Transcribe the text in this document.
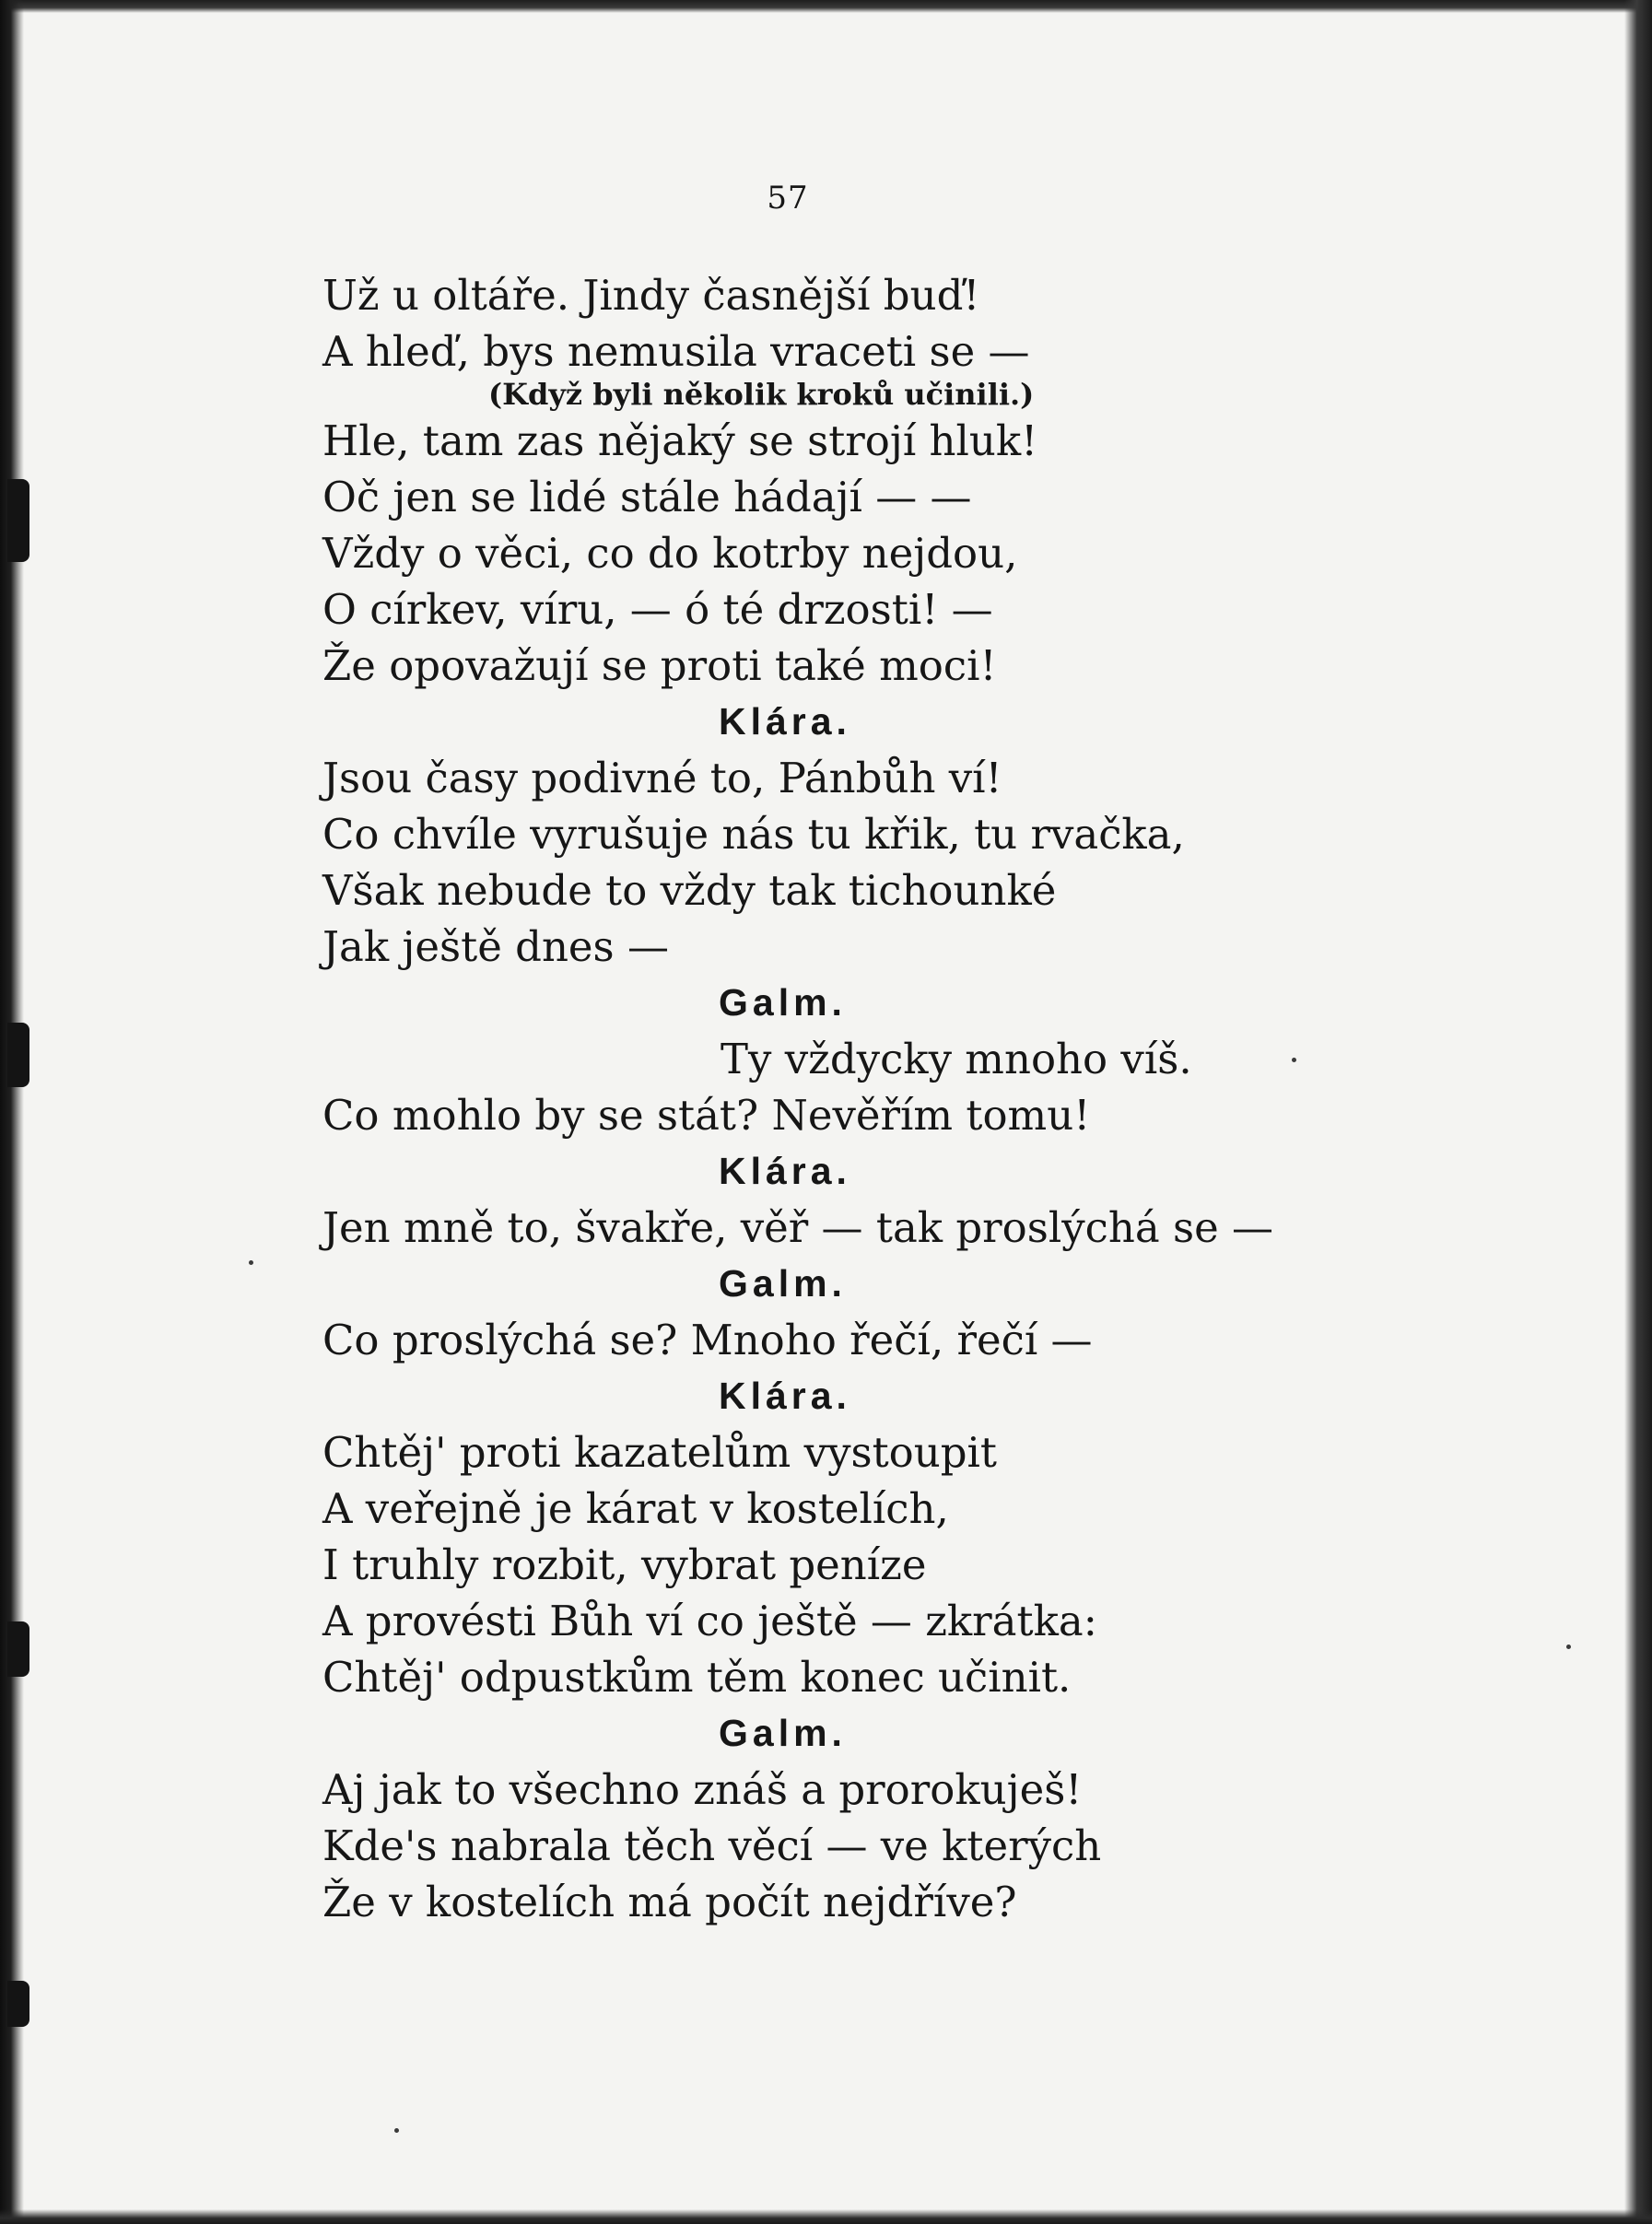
57
Už u oltáře. Jindy časnější buď!
A hleď, bys nemusila vraceti se —
(Když byli několik kroků učinili.)
Hle, tam zas nějaký se strojí hluk!
Oč jen se lidé stále hádají — —
Vždy o věci, co do kotrby nejdou,
O církev, víru, — ó té drzosti! —
Že opovažují se proti také moci!
Klára.
Jsou časy podivné to, Pánbůh ví!
Co chvíle vyrušuje nás tu křik, tu rvačka,
Však nebude to vždy tak tichounké
Jak ještě dnes —
Galm.
Ty vždycky mnoho víš.
Co mohlo by se stát? Nevěřím tomu!
Klára.
Jen mně to, švakře, věř — tak proslýchá se —
Galm.
Co proslýchá se? Mnoho řečí, řečí —
Klára.
Chtěj' proti kazatelům vystoupit
A veřejně je kárat v kostelích,
I truhly rozbit, vybrat peníze
A provésti Bůh ví co ještě — zkrátka:
Chtěj' odpustkům těm konec učinit.
Galm.
Aj jak to všechno znáš a prorokuješ!
Kde's nabrala těch věcí — ve kterých
Že v kostelích má počít nejdříve?
